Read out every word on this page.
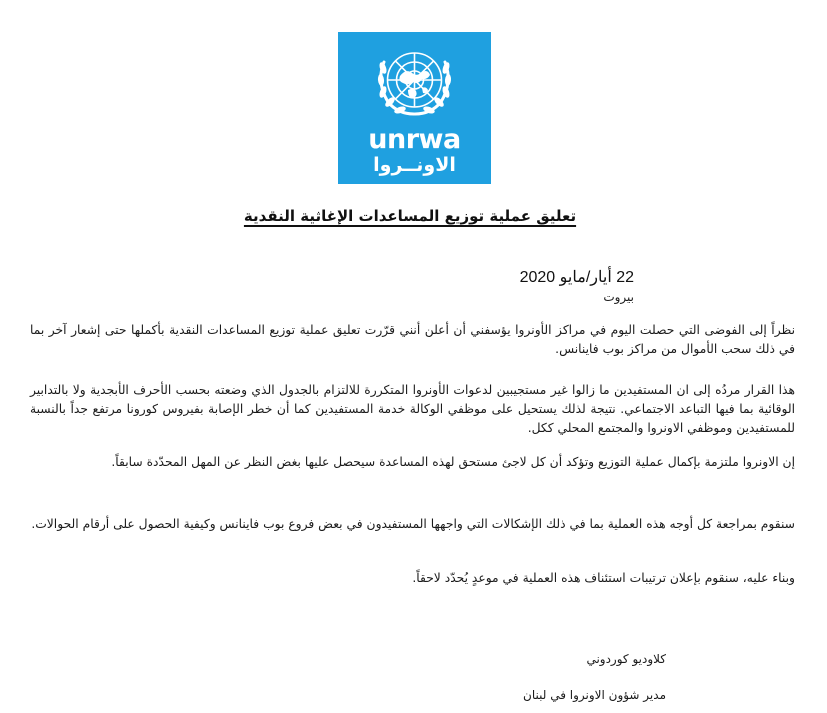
unrwa
الاونــروا
تعليق عملية توزيع المساعدات الإغاثية النقدية
22 أيار/مايو 2020
بيروت
نظراً إلى الفوضى التي حصلت اليوم في مراكز الأونروا يؤسفني أن أعلن أنني قرّرت تعليق عملية توزيع المساعدات النقدية بأكملها حتى إشعار آخر بما في ذلك سحب الأموال من مراكز بوب فاينانس.
هذا القرار مردُه إلى ان المستفيدين ما زالوا غير مستجيبين لدعوات الأونروا المتكررة للالتزام بالجدول الذي وضعته بحسب الأحرف الأبجدية ولا بالتدابير الوقائية بما فيها التباعد الاجتماعي. نتيجة لذلك يستحيل على موظفي الوكالة خدمة المستفيدين كما أن خطر الإصابة بفيروس كورونا مرتفع جداً بالنسبة للمستفيدين وموظفي الاونروا والمجتمع المحلي ككل.
إن الاونروا ملتزمة بإكمال عملية التوزيع وتؤكد أن كل لاجئ مستحق لهذه المساعدة سيحصل عليها بغض النظر عن المهل المحدّدة سابقاً.
سنقوم بمراجعة كل أوجه هذه العملية بما في ذلك الإشكالات التي واجهها المستفيدون في بعض فروع بوب فاينانس وكيفية الحصول على أرقام الحوالات.
وبناء عليه، سنقوم بإعلان ترتيبات استئناف هذه العملية في موعدٍ يُحدّد لاحقاً.
كلاوديو كوردوني
مدير شؤون الاونروا في لبنان
